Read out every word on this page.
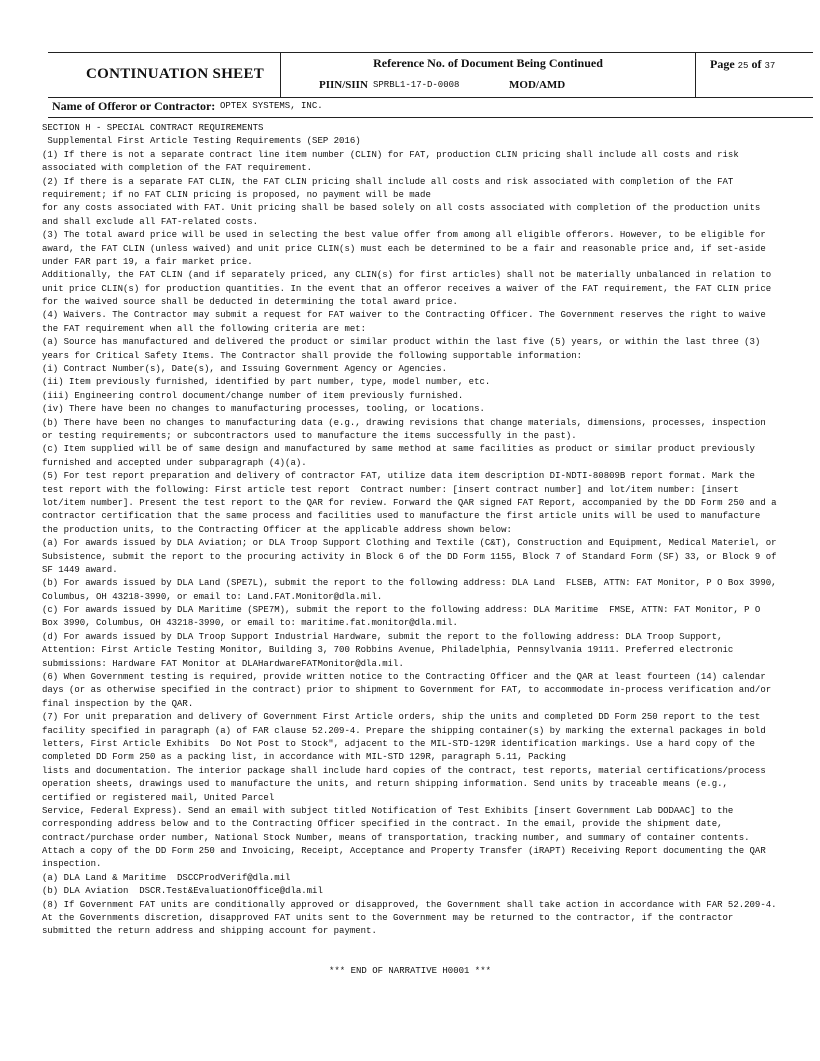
CONTINUATION SHEET
Reference No. of Document Being Continued
PIIN/SIIN SPRBL1-17-D-0008	MOD/AMD
Page 25 of 37
Name of Offeror or Contractor: OPTEX SYSTEMS, INC.
SECTION H - SPECIAL CONTRACT REQUIREMENTS
Supplemental First Article Testing Requirements (SEP 2016)
(1) If there is not a separate contract line item number (CLIN) for FAT, production CLIN pricing shall include all costs and risk
associated with completion of the FAT requirement.
(2) If there is a separate FAT CLIN, the FAT CLIN pricing shall include all costs and risk associated with completion of the FAT
requirement; if no FAT CLIN pricing is proposed, no payment will be made
for any costs associated with FAT. Unit pricing shall be based solely on all costs associated with completion of the production units
and shall exclude all FAT-related costs.
(3) The total award price will be used in selecting the best value offer from among all eligible offerors. However, to be eligible for
award, the FAT CLIN (unless waived) and unit price CLIN(s) must each be determined to be a fair and reasonable price and, if set-aside
under FAR part 19, a fair market price.
Additionally, the FAT CLIN (and if separately priced, any CLIN(s) for first articles) shall not be materially unbalanced in relation to
unit price CLIN(s) for production quantities. In the event that an offeror receives a waiver of the FAT requirement, the FAT CLIN price
for the waived source shall be deducted in determining the total award price.
(4) Waivers. The Contractor may submit a request for FAT waiver to the Contracting Officer. The Government reserves the right to waive
the FAT requirement when all the following criteria are met:
(a) Source has manufactured and delivered the product or similar product within the last five (5) years, or within the last three (3)
years for Critical Safety Items. The Contractor shall provide the following supportable information:
(i) Contract Number(s), Date(s), and Issuing Government Agency or Agencies.
(ii) Item previously furnished, identified by part number, type, model number, etc.
(iii) Engineering control document/change number of item previously furnished.
(iv) There have been no changes to manufacturing processes, tooling, or locations.
(b) There have been no changes to manufacturing data (e.g., drawing revisions that change materials, dimensions, processes, inspection
or testing requirements; or subcontractors used to manufacture the items successfully in the past).
(c) Item supplied will be of same design and manufactured by same method at same facilities as product or similar product previously
furnished and accepted under subparagraph (4)(a).
(5) For test report preparation and delivery of contractor FAT, utilize data item description DI-NDTI-80809B report format. Mark the
test report with the following: First article test report  Contract number: [insert contract number] and lot/item number: [insert
lot/item number]. Present the test report to the QAR for review. Forward the QAR signed FAT Report, accompanied by the DD Form 250 and a
contractor certification that the same process and facilities used to manufacture the first article units will be used to manufacture
the production units, to the Contracting Officer at the applicable address shown below:
(a) For awards issued by DLA Aviation; or DLA Troop Support Clothing and Textile (C&T), Construction and Equipment, Medical Materiel, or
Subsistence, submit the report to the procuring activity in Block 6 of the DD Form 1155, Block 7 of Standard Form (SF) 33, or Block 9 of
SF 1449 award.
(b) For awards issued by DLA Land (SPE7L), submit the report to the following address: DLA Land  FLSEB, ATTN: FAT Monitor, P O Box 3990,
Columbus, OH 43218-3990, or email to: Land.FAT.Monitor@dla.mil.
(c) For awards issued by DLA Maritime (SPE7M), submit the report to the following address: DLA Maritime  FMSE, ATTN: FAT Monitor, P O
Box 3990, Columbus, OH 43218-3990, or email to: maritime.fat.monitor@dla.mil.
(d) For awards issued by DLA Troop Support Industrial Hardware, submit the report to the following address: DLA Troop Support,
Attention: First Article Testing Monitor, Building 3, 700 Robbins Avenue, Philadelphia, Pennsylvania 19111. Preferred electronic
submissions: Hardware FAT Monitor at DLAHardwareFATMonitor@dla.mil.
(6) When Government testing is required, provide written notice to the Contracting Officer and the QAR at least fourteen (14) calendar
days (or as otherwise specified in the contract) prior to shipment to Government for FAT, to accommodate in-process verification and/or
final inspection by the QAR.
(7) For unit preparation and delivery of Government First Article orders, ship the units and completed DD Form 250 report to the test
facility specified in paragraph (a) of FAR clause 52.209-4. Prepare the shipping container(s) by marking the external packages in bold
letters, First Article Exhibits  Do Not Post to Stock", adjacent to the MIL-STD-129R identification markings. Use a hard copy of the
completed DD Form 250 as a packing list, in accordance with MIL-STD 129R, paragraph 5.11, Packing
lists and documentation. The interior package shall include hard copies of the contract, test reports, material certifications/process
operation sheets, drawings used to manufacture the units, and return shipping information. Send units by traceable means (e.g.,
certified or registered mail, United Parcel
Service, Federal Express). Send an email with subject titled Notification of Test Exhibits [insert Government Lab DODAAC] to the
corresponding address below and to the Contracting Officer specified in the contract. In the email, provide the shipment date,
contract/purchase order number, National Stock Number, means of transportation, tracking number, and summary of container contents.
Attach a copy of the DD Form 250 and Invoicing, Receipt, Acceptance and Property Transfer (iRAPT) Receiving Report documenting the QAR
inspection.
(a) DLA Land & Maritime  DSCCProdVerif@dla.mil
(b) DLA Aviation  DSCR.Test&EvaluationOffice@dla.mil
(8) If Government FAT units are conditionally approved or disapproved, the Government shall take action in accordance with FAR 52.209-4.
At the Governments discretion, disapproved FAT units sent to the Government may be returned to the contractor, if the contractor
submitted the return address and shipping account for payment.
*** END OF NARRATIVE H0001 ***
